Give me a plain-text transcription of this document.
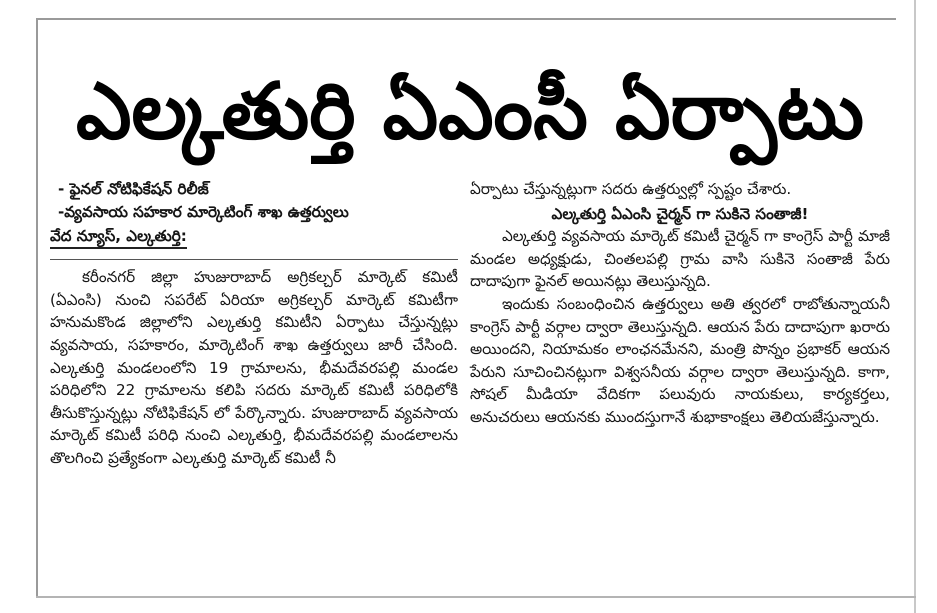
ఎల్కతుర్తి ఏఎంసీ ఏర్పాటు

- ఫైనల్ నోటిఫికేషన్ రిలీజ్

-వ్యవసాయ సహకార మార్కెటింగ్ శాఖ ఉత్తర్వులు

వేద న్యూస్, ఎల్కతుర్తి:

కరీంనగర్ జిల్లా హుజురాబాద్ అగ్రికల్చర్ మార్కెట్ కమిటీ (ఏఎంసి) నుంచి సపరేట్ ఏరియా అగ్రికల్చర్ మార్కెట్ కమిటీగా హనుమకొండ జిల్లాలోని ఎల్కతుర్తి కమిటీని ఏర్పాటు చేస్తున్నట్లు వ్యవసాయ, సహకారం, మార్కెటింగ్ శాఖ ఉత్తర్వులు జారీ చేసింది. ఎల్కతుర్తి మండలంలోని 19 గ్రామాలను, భీమదేవరపల్లి మండల పరిధిలోని 22 గ్రామాలను కలిపి సదరు మార్కెట్ కమిటీ పరిధిలోకి తీసుకొస్తున్నట్లు నోటిఫికేషన్ లో పేర్కొన్నారు. హుజురాబాద్ వ్యవసాయ మార్కెట్ కమిటీ పరిధి నుంచి ఎల్కతుర్తి, భీమదేవరపల్లి మండలాలను తొలగించి ప్రత్యేకంగా ఎల్కతుర్తి మార్కెట్ కమిటీ నీ

ఏర్పాటు చేస్తున్నట్లుగా సదరు ఉత్తర్వుల్లో స్పష్టం చేశారు.

ఎల్కతుర్తి ఏఎంసి చైర్మన్ గా సుకినె సంతాజీ!

ఎల్కతుర్తి వ్యవసాయ మార్కెట్ కమిటీ చైర్మన్ గా కాంగ్రెస్ పార్టీ మాజీ మండల అధ్యక్షుడు, చింతలపల్లి గ్రామ వాసి సుకినె సంతాజీ పేరు దాదాపుగా ఫైనల్ అయినట్లు తెలుస్తున్నది.

ఇందుకు సంబంధించిన ఉత్తర్వులు అతి త్వరలో రాబోతున్నాయనీ కాంగ్రెస్ పార్టీ వర్గాల ద్వారా తెలుస్తున్నది. ఆయన పేరు దాదాపుగా ఖరారు అయిందని, నియామకం లాంఛనమేనని, మంత్రి పొన్నం ప్రభాకర్ ఆయన పేరుని సూచించినట్లుగా విశ్వసనీయ వర్గాల ద్వారా తెలుస్తున్నది. కాగా, సోషల్ మీడియా వేదికగా పలువురు నాయకులు, కార్యకర్తలు, అనుచరులు ఆయనకు ముందస్తుగానే శుభాకాంక్షలు తెలియజేస్తున్నారు.
